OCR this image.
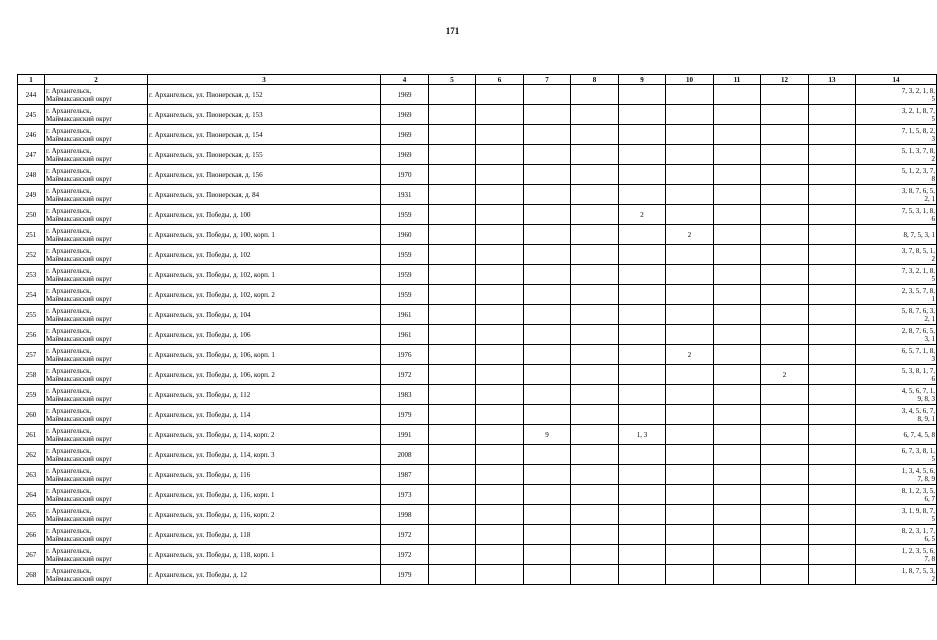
171
1	2	3	4	5	6	7	8	9	10	11	12	13	14

244	г. Архангельск,
Маймаксанский округ	г. Архангельск, ул. Пионерская, д. 152	1969										7, 3, 2, 1, 8,
5

245	г. Архангельск,
Маймаксанский округ	г. Архангельск, ул. Пионерская, д. 153	1969										3, 2, 1, 8, 7,
5

246	г. Архангельск,
Маймаксанский округ	г. Архангельск, ул. Пионерская, д. 154	1969										7, 1, 5, 8, 2,
3

247	г. Архангельск,
Маймаксанский округ	г. Архангельск, ул. Пионерская, д. 155	1969										5, 1, 3, 7, 8,
2

248	г. Архангельск,
Маймаксанский округ	г. Архангельск, ул. Пионерская, д. 156	1970										5, 1, 2, 3, 7,
8

249	г. Архангельск,
Маймаксанский округ	г. Архангельск, ул. Пионерская, д. 84	1931										3, 8, 7, 6, 5,
2, 1

250	г. Архангельск,
Маймаксанский округ	г. Архангельск, ул. Победы, д. 100	1959					2					7, 5, 3, 1, 8,
6

251	г. Архангельск,
Маймаксанский округ	г. Архангельск, ул. Победы, д. 100, корп. 1	1960						2				8, 7, 5, 3, 1

252	г. Архангельск,
Маймаксанский округ	г. Архангельск, ул. Победы, д. 102	1959										3, 7, 8, 5, 1,
2

253	г. Архангельск,
Маймаксанский округ	г. Архангельск, ул. Победы, д. 102, корп. 1	1959										7, 3, 2, 1, 8,
5

254	г. Архангельск,
Маймаксанский округ	г. Архангельск, ул. Победы, д. 102, корп. 2	1959										2, 3, 5, 7, 8,
1

255	г. Архангельск,
Маймаксанский округ	г. Архангельск, ул. Победы, д. 104	1961										5, 8, 7, 6, 3,
2, 1

256	г. Архангельск,
Маймаксанский округ	г. Архангельск, ул. Победы, д. 106	1961										2, 8, 7, 6, 5,
3, 1

257	г. Архангельск,
Маймаксанский округ	г. Архангельск, ул. Победы, д. 106, корп. 1	1976						2				6, 5, 7, 1, 8,
3

258	г. Архангельск,
Маймаксанский округ	г. Архангельск, ул. Победы, д. 106, корп. 2	1972								2		5, 3, 8, 1, 7,
6

259	г. Архангельск,
Маймаксанский округ	г. Архангельск, ул. Победы, д. 112	1983										4, 5, 6, 7, 1,
9, 8, 3

260	г. Архангельск,
Маймаксанский округ	г. Архангельск, ул. Победы, д. 114	1979										3, 4, 5, 6, 7,
8, 9, 1

261	г. Архангельск,
Маймаксанский округ	г. Архангельск, ул. Победы, д. 114, корп. 2	1991			9		1, 3					6, 7, 4, 5, 8

262	г. Архангельск,
Маймаксанский округ	г. Архангельск, ул. Победы, д. 114, корп. 3	2008										6, 7, 3, 8, 1,
5

263	г. Архангельск,
Маймаксанский округ	г. Архангельск, ул. Победы, д. 116	1987										1, 3, 4, 5, 6,
7, 8, 9

264	г. Архангельск,
Маймаксанский округ	г. Архангельск, ул. Победы, д. 116, корп. 1	1973										8, 1, 2, 3, 5,
6, 7

265	г. Архангельск,
Маймаксанский округ	г. Архангельск, ул. Победы, д. 116, корп. 2	1998										3, 1, 9, 8, 7,
5

266	г. Архангельск,
Маймаксанский округ	г. Архангельск, ул. Победы, д. 118	1972										8, 2, 3, 1, 7,
6, 5

267	г. Архангельск,
Маймаксанский округ	г. Архангельск, ул. Победы, д. 118, корп. 1	1972										1, 2, 3, 5, 6,
7, 8

268	г. Архангельск,
Маймаксанский округ	г. Архангельск, ул. Победы, д. 12	1979										1, 8, 7, 5, 3,
2
